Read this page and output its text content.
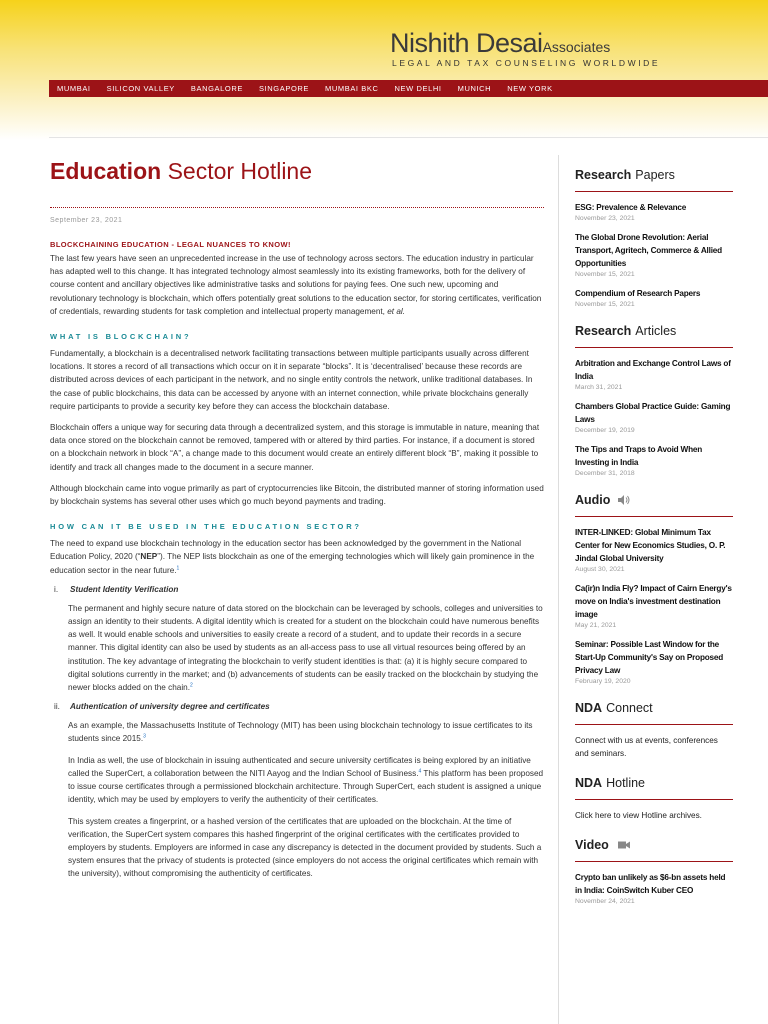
Nishith DesaiAssociates
LEGAL AND TAX COUNSELING WORLDWIDE
MUMBAI SILICON VALLEY BANGALORE SINGAPORE MUMBAI BKC NEW DELHI MUNICH NEW YORK
Education Sector Hotline
September 23, 2021
BLOCKCHAINING EDUCATION - LEGAL NUANCES TO KNOW!

The last few years have seen an unprecedented increase in the use of technology across sectors. The education industry in particular has adapted well to this change. It has integrated technology almost seamlessly into its existing frameworks, both for the delivery of course content and ancillary objectives like administrative tasks and solutions for paying fees. One such new, upcoming and revolutionary technology is blockchain, which offers potentially great solutions to the education sector, for storing certificates, verification of credentials, rewarding students for task completion and intellectual property management, et al.

WHAT IS BLOCKCHAIN?

Fundamentally, a blockchain is a decentralised network facilitating transactions between multiple participants usually across different locations. It stores a record of all transactions which occur on it in separate “blocks”. It is ‘decentralised’ because these records are distributed across devices of each participant in the network, and no single entity controls the network, unlike traditional databases. In the case of public blockchains, this data can be accessed by anyone with an internet connection, while private blockchains generally require participants to provide a security key before they can access the blockchain database.

Blockchain offers a unique way for securing data through a decentralized system, and this storage is immutable in nature, meaning that data once stored on the blockchain cannot be removed, tampered with or altered by third parties. For instance, if a document is stored on a blockchain network in block “A”, a change made to this document would create an entirely different block “B”, making it possible to identify and track all changes made to the document in a secure manner.

Although blockchain came into vogue primarily as part of cryptocurrencies like Bitcoin, the distributed manner of storing information used by blockchain systems has several other uses which go much beyond payments and trading.

HOW CAN IT BE USED IN THE EDUCATION SECTOR?

The need to expand use blockchain technology in the education sector has been acknowledged by the government in the National Education Policy, 2020 (“NEP”). The NEP lists blockchain as one of the emerging technologies which will likely gain prominence in the education sector in the near future.$^1$

i. Student Identity Verification

The permanent and highly secure nature of data stored on the blockchain can be leveraged by schools, colleges and universities to assign an identity to their students. A digital identity which is created for a student on the blockchain could have numerous benefits as well. It would enable schools and universities to easily create a record of a student, and to update their records in a secure manner. This digital identity can also be used by students as an all-access pass to use all virtual resources being offered by an institution. The key advantage of integrating the blockchain to verify student identities is that: (a) it is highly secure compared to digital solutions currently in the market; and (b) advancements of students can be easily tracked on the blockchain by studying the newer blocks added on the chain.$^2$

ii. Authentication of university degree and certificates

As an example, the Massachusetts Institute of Technology (MIT) has been using blockchain technology to issue certificates to its students since 2015.$^3$

In India as well, the use of blockchain in issuing authenticated and secure university certificates is being explored by an initiative called the SuperCert, a collaboration between the NITI Aayog and the Indian School of Business.$^4$ This platform has been proposed to issue course certificates through a permissioned blockchain architecture. Through SuperCert, each student is assigned a unique identity, which may be used by employers to verify the authenticity of their certificates.

This system creates a fingerprint, or a hashed version of the certificates that are uploaded on the blockchain. At the time of verification, the SuperCert system compares this hashed fingerprint of the original certificates with the certificates provided to employers by students. Employers are informed in case any discrepancy is detected in the document provided by students. Such a system ensures that the privacy of students is protected (since employers do not access the original certificates which remain with the university), without compromising the authenticity of certificates.

Research Papers
ESG: Prevalence & Relevance
November 23, 2021
The Global Drone Revolution: Aerial Transport, Agritech, Commerce & Allied Opportunities
November 15, 2021
Compendium of Research Papers
November 15, 2021
Research Articles
Arbitration and Exchange Control Laws of India
March 31, 2021
Chambers Global Practice Guide: Gaming Laws
December 19, 2019
The Tips and Traps to Avoid When Investing in India
December 31, 2018
Audio
INTER-LINKED: Global Minimum Tax Center for New Economics Studies, O. P. Jindal Global University
August 30, 2021
Ca(ir)n India Fly? Impact of Cairn Energy's move on India's investment destination image
May 21, 2021
Seminar: Possible Last Window for the Start-Up Community's Say on Proposed Privacy Law
February 19, 2020
NDA Connect
Connect with us at events, conferences and seminars.
NDA Hotline
Click here to view Hotline archives.
Video
Crypto ban unlikely as $6-bn assets held in India: CoinSwitch Kuber CEO
November 24, 2021
